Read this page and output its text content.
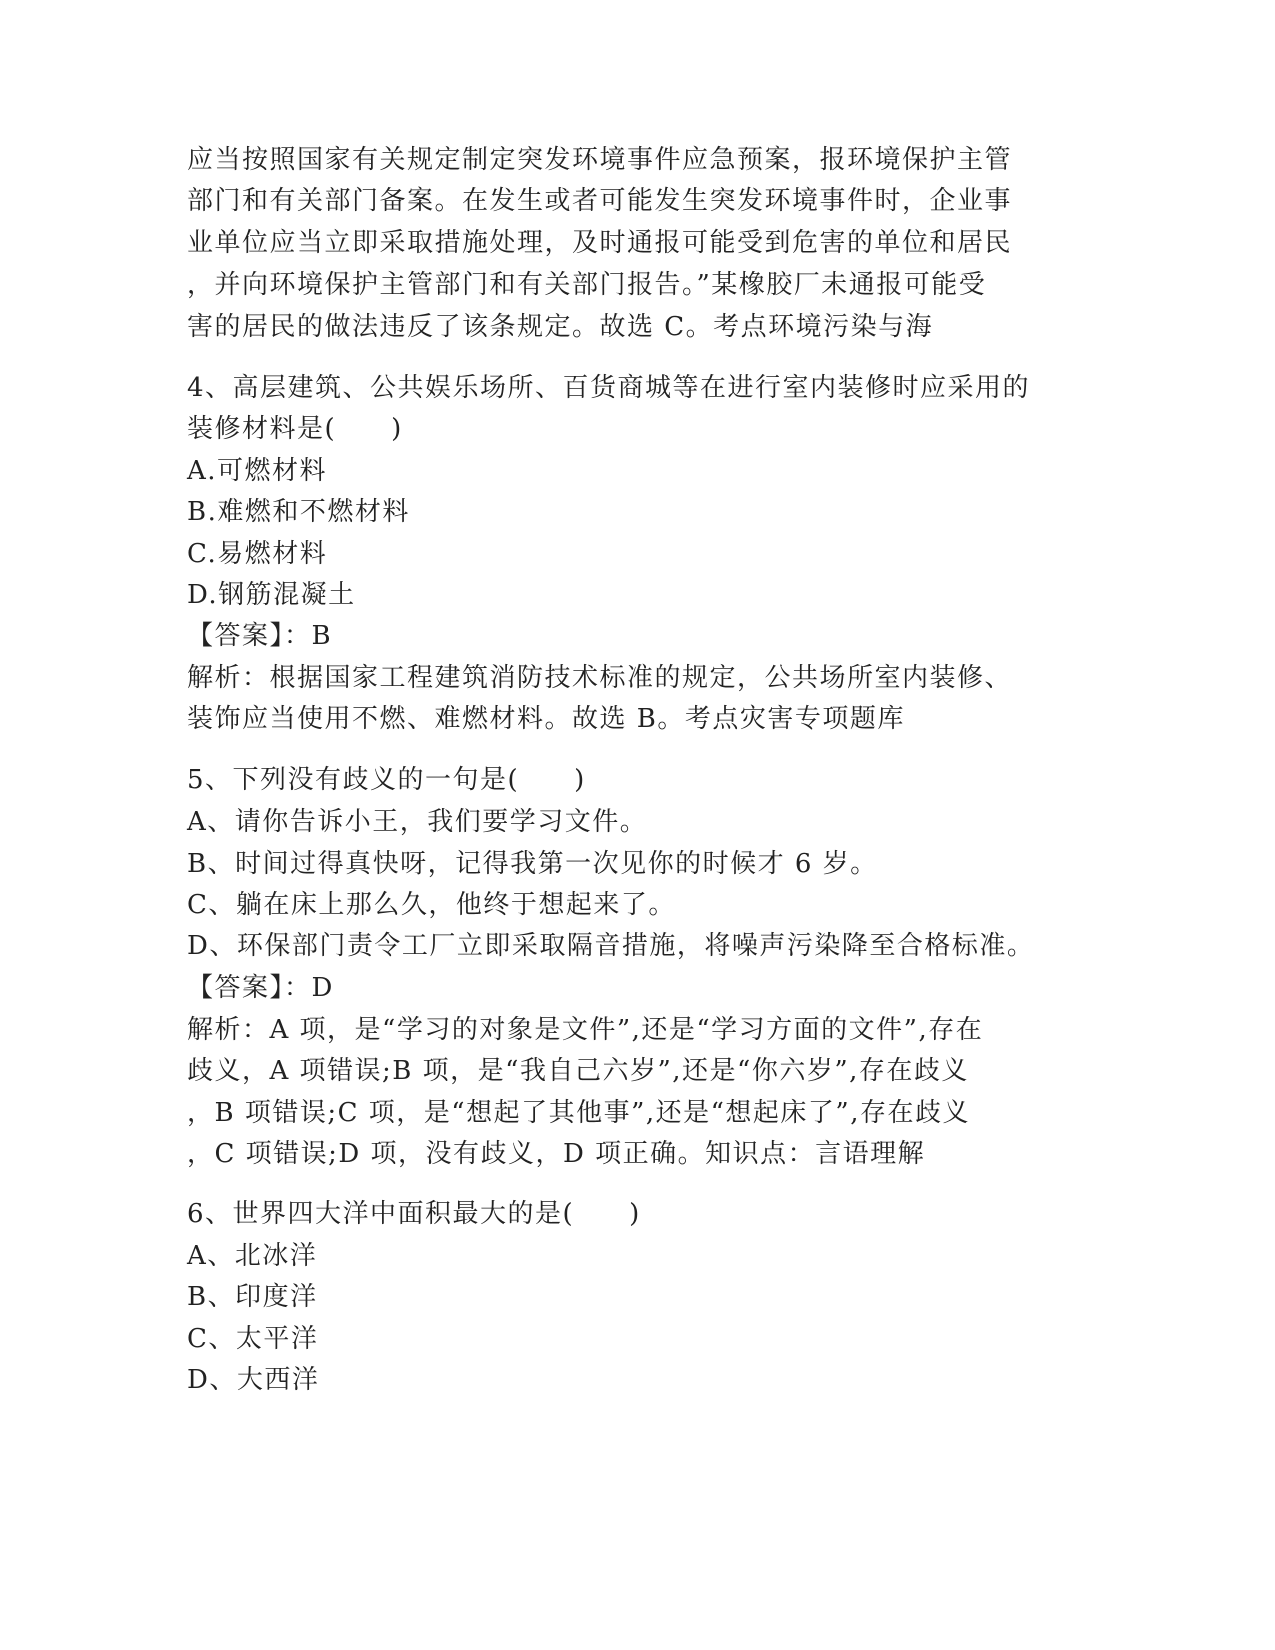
应当按照国家有关规定制定突发环境事件应急预案，报环境保护主管
部门和有关部门备案。在发生或者可能发生突发环境事件时，企业事
业单位应当立即采取措施处理，及时通报可能受到危害的单位和居民
，并向环境保护主管部门和有关部门报告。”某橡胶厂未通报可能受
害的居民的做法违反了该条规定。故选 C。考点环境污染与海
4、高层建筑、公共娱乐场所、百货商城等在进行室内装修时应采用的
装修材料是(　　)
A.可燃材料
B.难燃和不燃材料
C.易燃材料
D.钢筋混凝土
【答案】：B
解析：根据国家工程建筑消防技术标准的规定，公共场所室内装修、
装饰应当使用不燃、难燃材料。故选 B。考点灾害专项题库
5、下列没有歧义的一句是(　　)
A、请你告诉小王，我们要学习文件。
B、时间过得真快呀，记得我第一次见你的时候才 6 岁。
C、躺在床上那么久，他终于想起来了。
D、环保部门责令工厂立即采取隔音措施，将噪声污染降至合格标准。
【答案】：D
解析：A 项，是“学习的对象是文件”,还是“学习方面的文件”,存在
歧义，A 项错误;B 项，是“我自己六岁”,还是“你六岁”,存在歧义
，B 项错误;C 项，是“想起了其他事”,还是“想起床了”,存在歧义
，C 项错误;D 项，没有歧义，D 项正确。知识点：言语理解
6、世界四大洋中面积最大的是(　　)
A、北冰洋
B、印度洋
C、太平洋
D、大西洋
